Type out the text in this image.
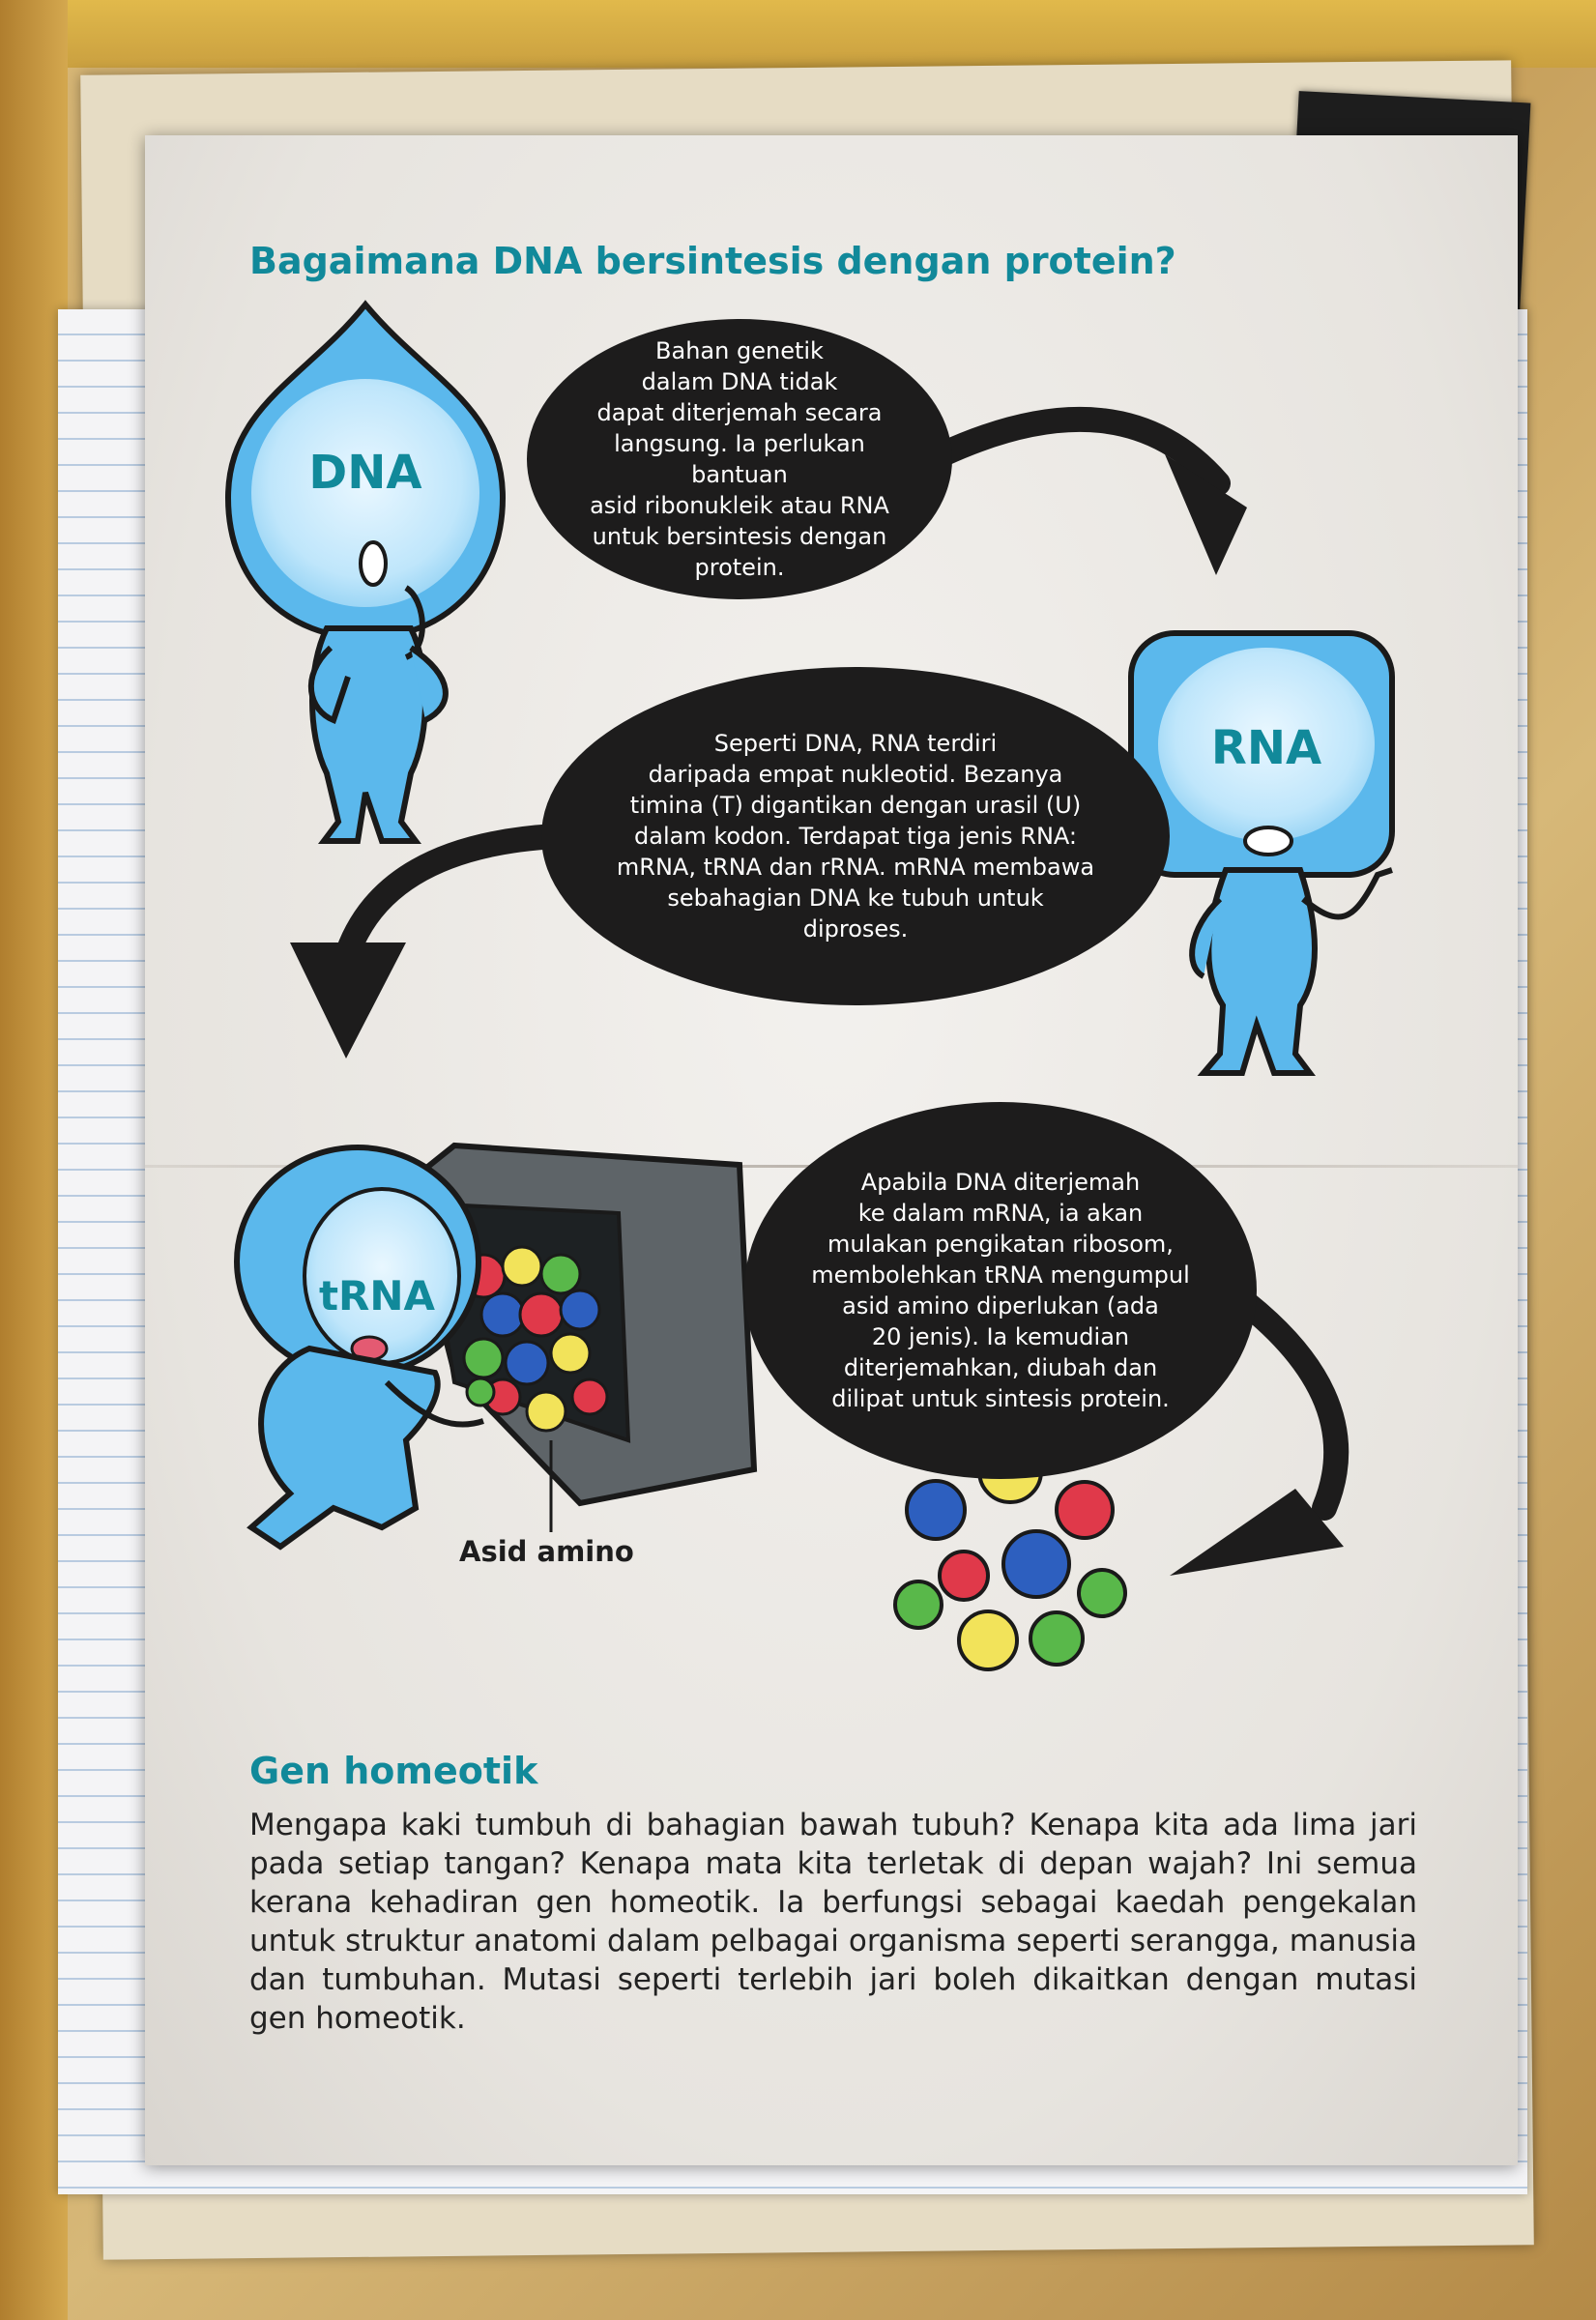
Bagaimana DNA bersintesis dengan protein?
DNA
RNA
tRNA

Bahan genetik
dalam DNA tidak
dapat diterjemah secara
langsung. Ia perlukan bantuan
asid ribonukleik atau RNA
untuk bersintesis dengan
protein.

Seperti DNA, RNA terdiri
daripada empat nukleotid. Bezanya
timina (T) digantikan dengan urasil (U)
dalam kodon. Terdapat tiga jenis RNA:
mRNA, tRNA dan rRNA. mRNA membawa
sebahagian DNA ke tubuh untuk
diproses.

Apabila DNA diterjemah
ke dalam mRNA, ia akan
mulakan pengikatan ribosom,
membolehkan tRNA mengumpul
asid amino diperlukan (ada
20 jenis). Ia kemudian
diterjemahkan, diubah dan
dilipat untuk sintesis protein.

Asid amino
Gen homeotik

Mengapa kaki tumbuh di bahagian bawah tubuh? Kenapa kita ada lima jari pada setiap tangan? Kenapa mata kita terletak di depan wajah? Ini semua kerana kehadiran gen homeotik. Ia berfungsi sebagai kaedah pengekalan untuk struktur anatomi dalam pelbagai organisma seperti serangga, manusia dan tumbuhan. Mutasi seperti terlebih jari boleh dikaitkan dengan mutasi gen homeotik.
